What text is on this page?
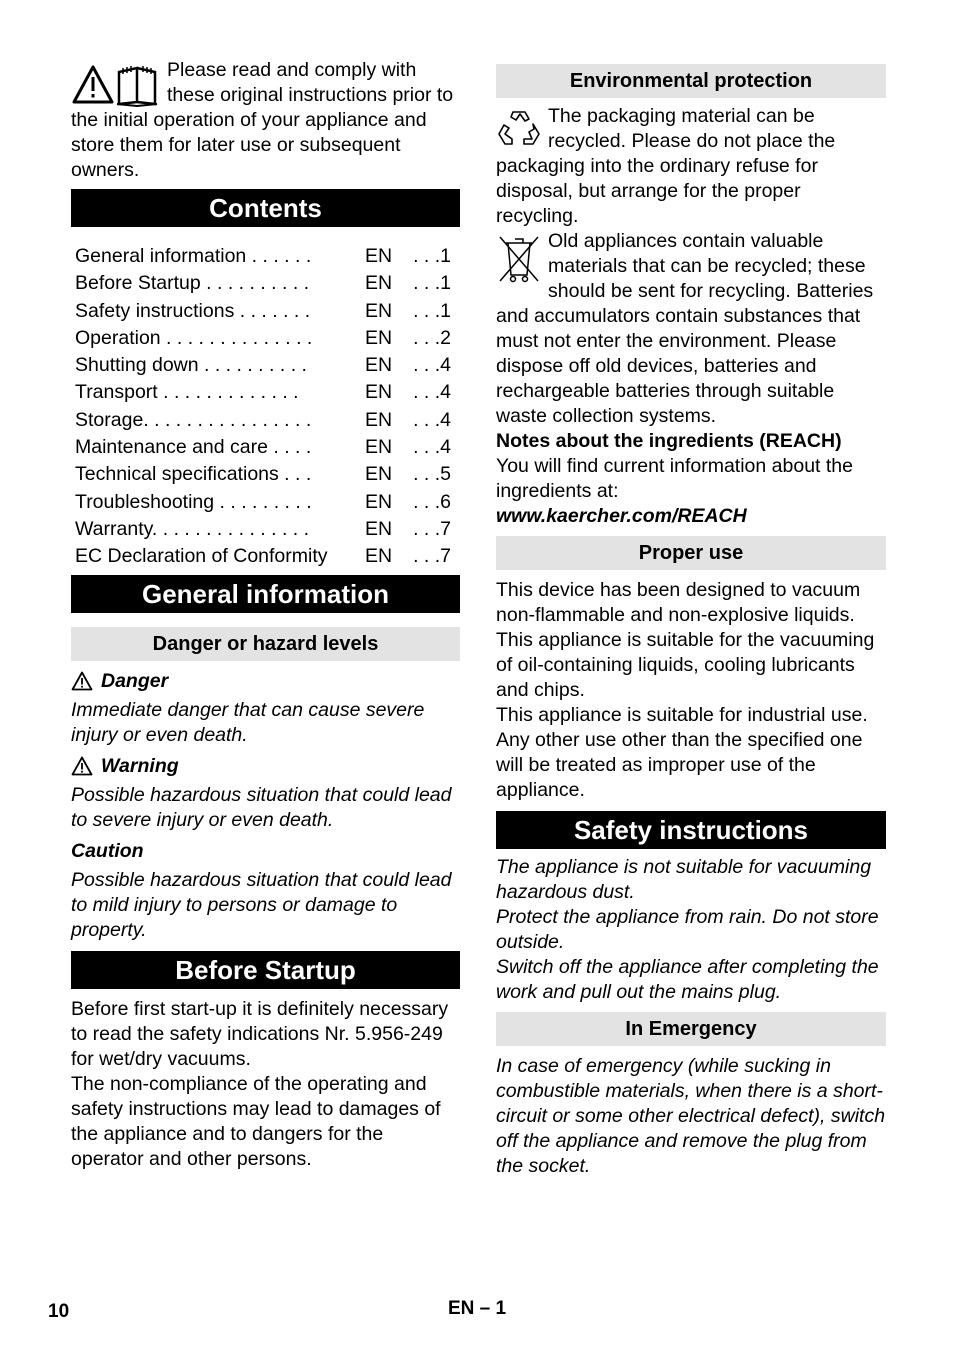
Please read and comply with these original instructions prior to the initial operation of your appliance and store them for later use or subsequent owners.

Contents
General information . . . . . .	EN	. . .1
Before Startup . . . . . . . . . .	EN	. . .1
Safety instructions . . . . . . .	EN	. . .1
Operation . . . . . . . . . . . . . .	EN	. . .2
Shutting down . . . . . . . . . .	EN	. . .4
Transport . . . . . . . . . . . . .	EN	. . .4
Storage. . . . . . . . . . . . . . . .	EN	. . .4
Maintenance and care . . . .	EN	. . .4
Technical specifications . . .	EN	. . .5
Troubleshooting . . . . . . . . .	EN	. . .6
Warranty. . . . . . . . . . . . . . .	EN	. . .7
EC Declaration of Conformity	EN	. . .7
General information
Danger or hazard levels
Danger

Immediate danger that can cause severe injury or even death.

Warning

Possible hazardous situation that could lead to severe injury or even death.

Caution

Possible hazardous situation that could lead to mild injury to persons or damage to property.

Before Startup

Before first start-up it is definitely necessary to read the safety indications Nr. 5.956-249 for wet/dry vacuums.

The non-compliance of the operating and safety instructions may lead to damages of the appliance and to dangers for the operator and other persons.

Environmental protection

The packaging material can be recycled. Please do not place the packaging into the ordinary refuse for disposal, but arrange for the proper recycling.

Old appliances contain valuable materials that can be recycled; these should be sent for recycling. Batteries and accumulators contain substances that must not enter the environment. Please dispose off old devices, batteries and rechargeable batteries through suitable waste collection systems.

Notes about the ingredients (REACH)

You will find current information about the ingredients at:

www.kaercher.com/REACH

Proper use

This device has been designed to vacuum non-flammable and non-explosive liquids.

This appliance is suitable for the vacuuming of oil-containing liquids, cooling lubricants and chips.

This appliance is suitable for industrial use. Any other use other than the specified one will be treated as improper use of the appliance.

Safety instructions

The appliance is not suitable for vacuuming hazardous dust.

Protect the appliance from rain. Do not store outside.

Switch off the appliance after completing the work and pull out the mains plug.

In Emergency

In case of emergency (while sucking in combustible materials, when there is a short-circuit or some other electrical defect), switch off the appliance and remove the plug from the socket.

10	EN – 1
